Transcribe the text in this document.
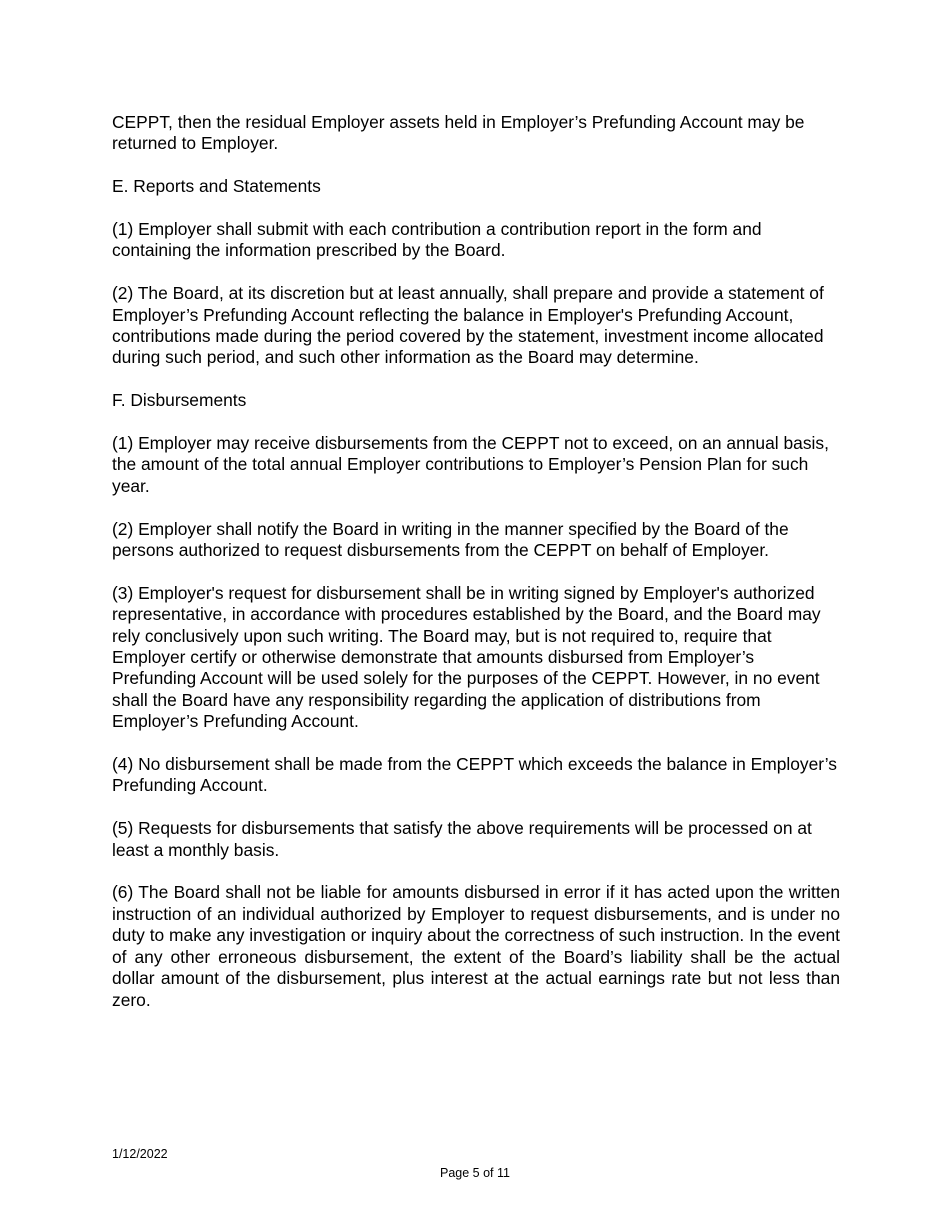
CEPPT, then the residual Employer assets held in Employer’s Prefunding Account may be returned to Employer.

E. Reports and Statements

(1) Employer shall submit with each contribution a contribution report in the form and containing the information prescribed by the Board.

(2) The Board, at its discretion but at least annually, shall prepare and provide a statement of Employer’s Prefunding Account reflecting the balance in Employer's Prefunding Account, contributions made during the period covered by the statement, investment income allocated during such period, and such other information as the Board may determine.

F. Disbursements

(1) Employer may receive disbursements from the CEPPT not to exceed, on an annual basis, the amount of the total annual Employer contributions to Employer’s Pension Plan for such year.

(2) Employer shall notify the Board in writing in the manner specified by the Board of the persons authorized to request disbursements from the CEPPT on behalf of Employer.

(3) Employer's request for disbursement shall be in writing signed by Employer's authorized representative, in accordance with procedures established by the Board, and the Board may rely conclusively upon such writing. The Board may, but is not required to, require that Employer certify or otherwise demonstrate that amounts disbursed from Employer’s Prefunding Account will be used solely for the purposes of the CEPPT. However, in no event shall the Board have any responsibility regarding the application of distributions from Employer’s Prefunding Account.

(4) No disbursement shall be made from the CEPPT which exceeds the balance in Employer’s Prefunding Account.

(5) Requests for disbursements that satisfy the above requirements will be processed on at least a monthly basis.

(6) The Board shall not be liable for amounts disbursed in error if it has acted upon the written instruction of an individual authorized by Employer to request disbursements, and is under no duty to make any investigation or inquiry about the correctness of such instruction. In the event of any other erroneous disbursement, the extent of the Board’s liability shall be the actual dollar amount of the disbursement, plus interest at the actual earnings rate but not less than zero.

1/12/2022
Page 5 of 11
